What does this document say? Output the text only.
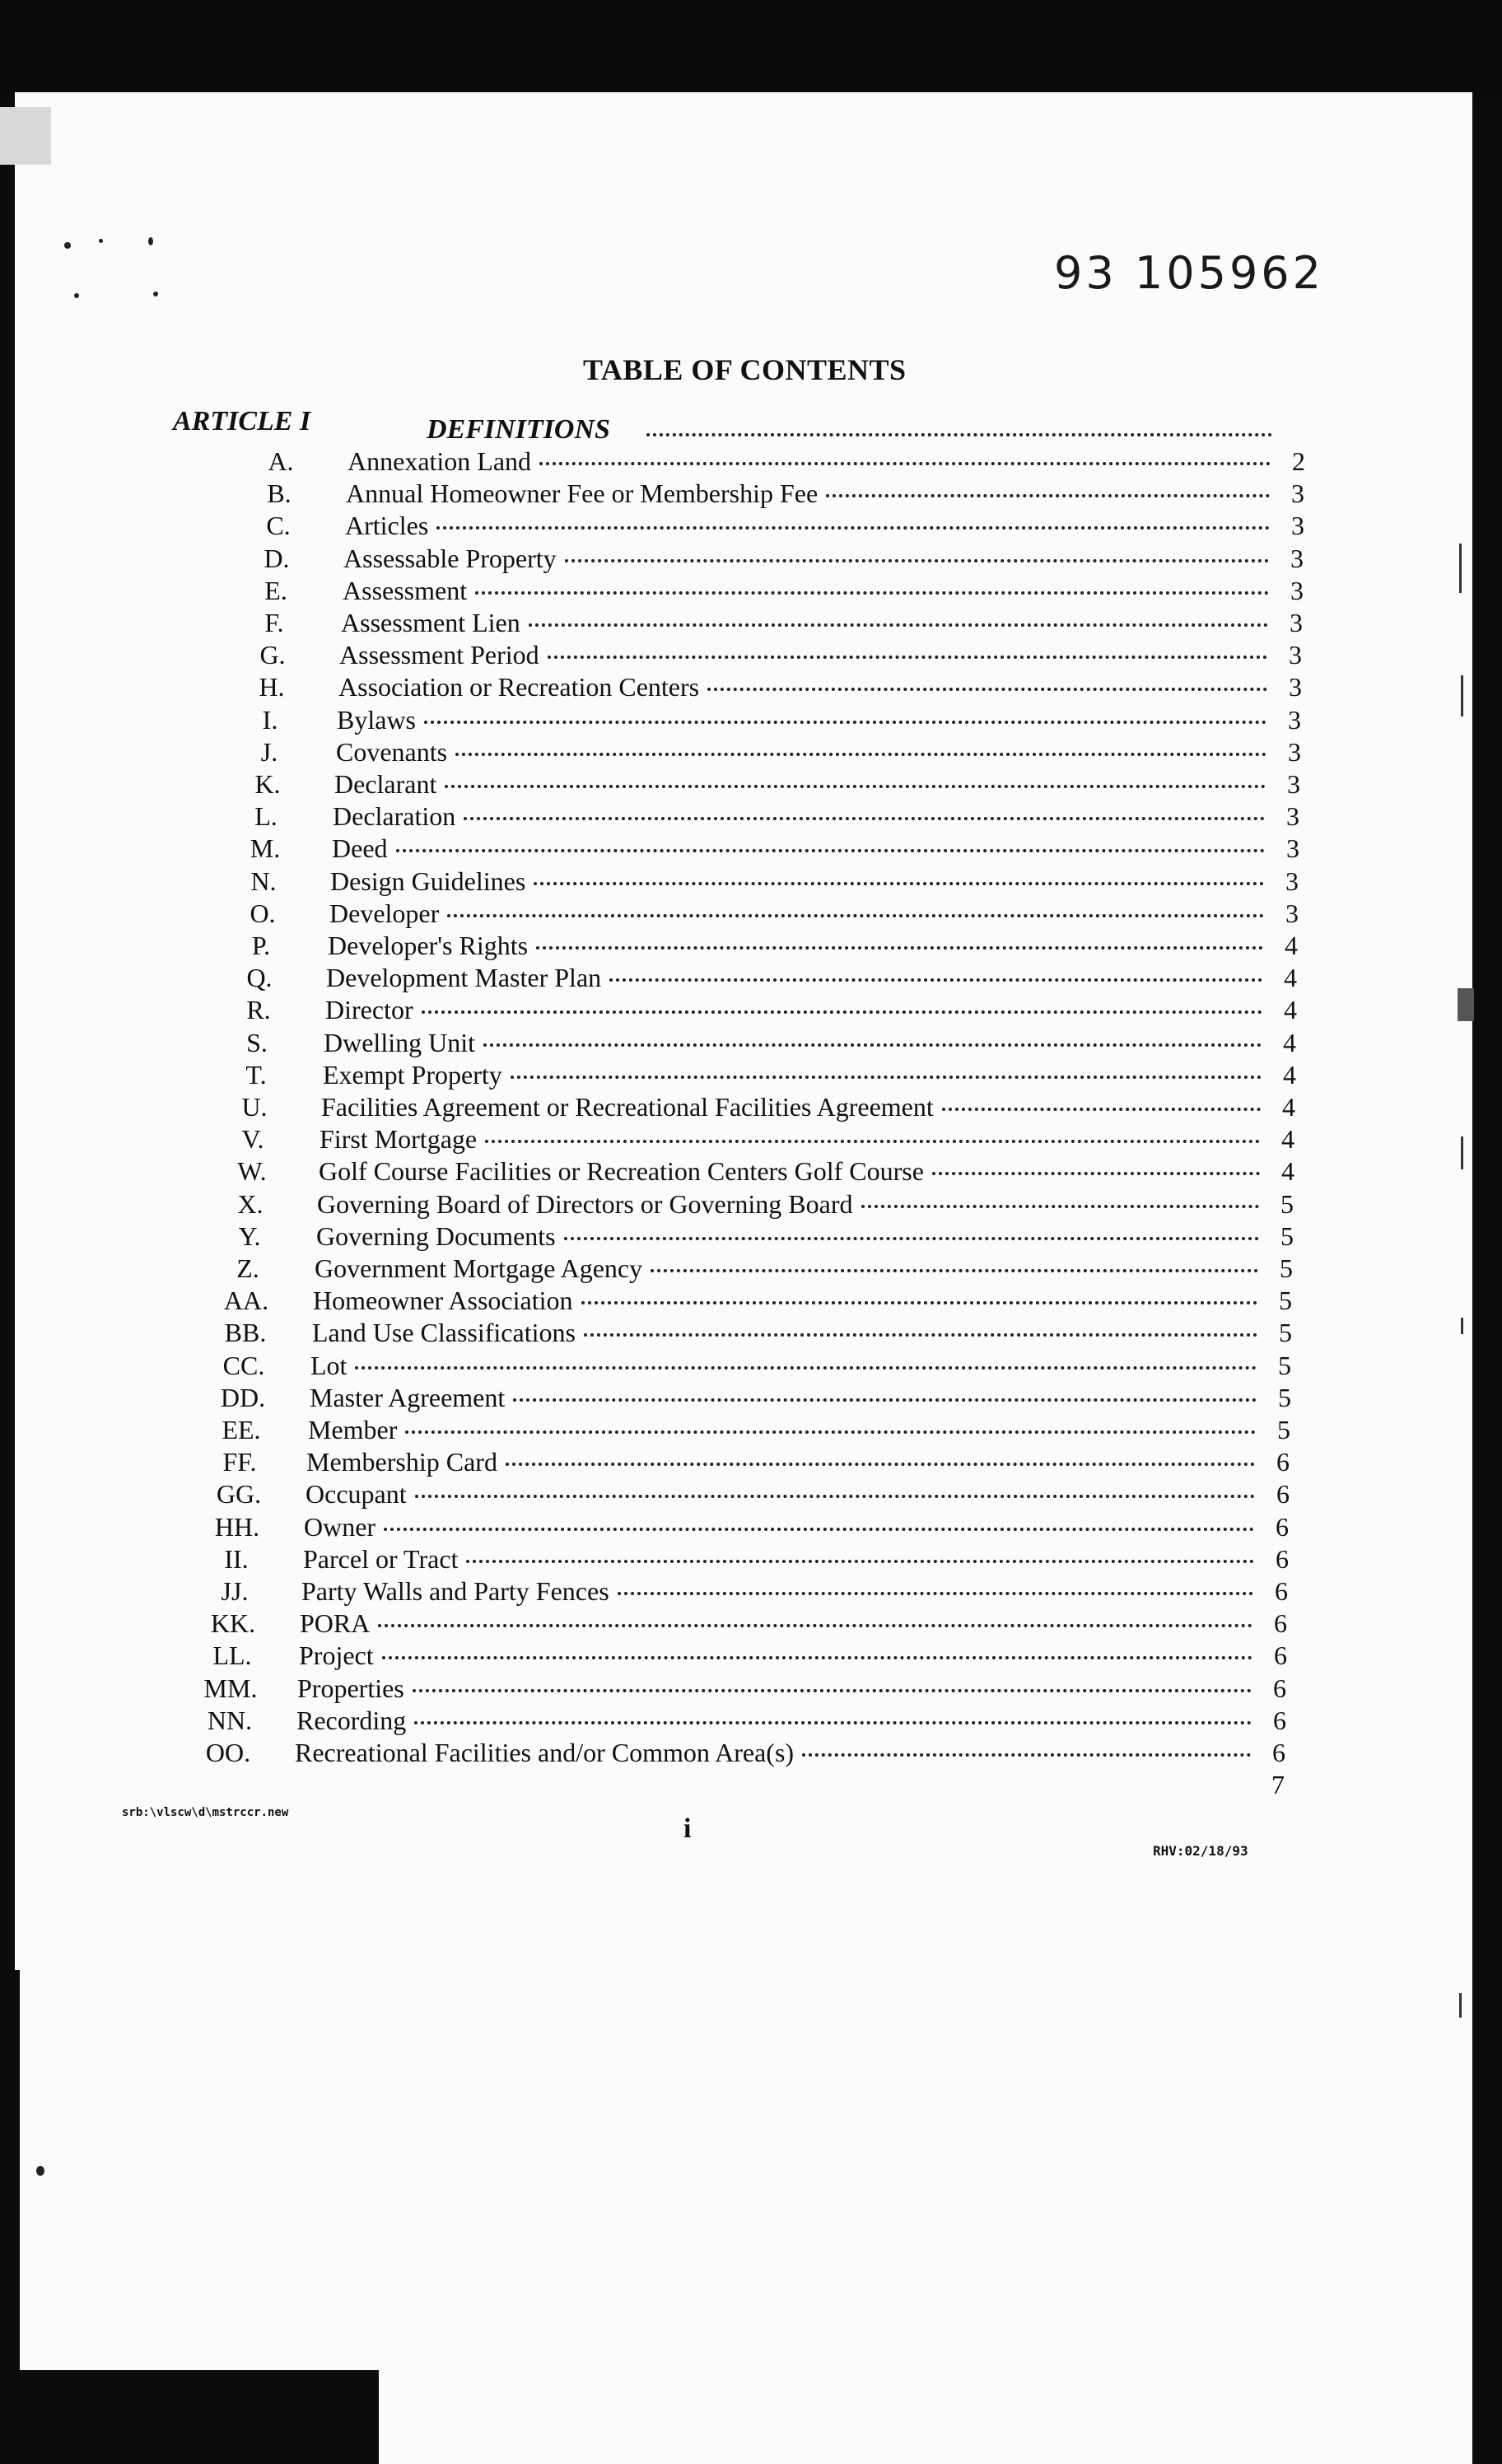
93 105962
TABLE OF CONTENTS
ARTICLE I	DEFINITIONS
A.	Annexation Land	2
B.	Annual Homeowner Fee or Membership Fee	3
C.	Articles	3
D.	Assessable Property	3
E.	Assessment	3
F.	Assessment Lien	3
G.	Assessment Period	3
H.	Association or Recreation Centers	3
I.	Bylaws	3
J.	Covenants	3
K.	Declarant	3
L.	Declaration	3
M.	Deed	3
N.	Design Guidelines	3
O.	Developer	3
P.	Developer's Rights	4
Q.	Development Master Plan	4
R.	Director	4
S.	Dwelling Unit	4
T.	Exempt Property	4
U.	Facilities Agreement or Recreational Facilities Agreement	4
V.	First Mortgage	4
W.	Golf Course Facilities or Recreation Centers Golf Course	4
X.	Governing Board of Directors or Governing Board	5
Y.	Governing Documents	5
Z.	Government Mortgage Agency	5
AA.	Homeowner Association	5
BB.	Land Use Classifications	5
CC.	Lot	5
DD.	Master Agreement	5
EE.	Member	5
FF.	Membership Card	6
GG.	Occupant	6
HH.	Owner	6
II.	Parcel or Tract	6
JJ.	Party Walls and Party Fences	6
KK.	PORA	6
LL.	Project	6
MM.	Properties	6
NN.	Recording	6
OO.	Recreational Facilities and/or Common Area(s)	6
7
srb:\vlscw\d\mstrccr.new
i
RHV:02/18/93
